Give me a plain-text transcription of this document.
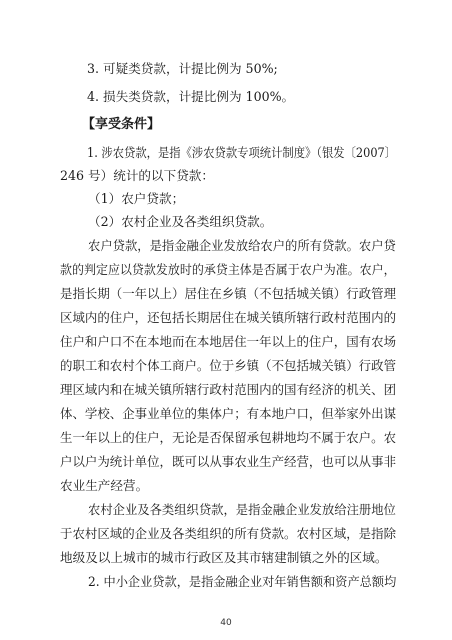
3. 可疑类贷款，计提比例为 50%;
4. 损失类贷款，计提比例为 100%。
【享受条件】
1. 涉农贷款，是指《涉农贷款专项统计制度》（银发〔2007〕
246 号）统计的以下贷款：
（1）农户贷款；
（2）农村企业及各类组织贷款。
农户贷款，是指金融企业发放给农户的所有贷款。农户贷
款的判定应以贷款发放时的承贷主体是否属于农户为准。农户，
是指长期（一年以上）居住在乡镇（不包括城关镇）行政管理
区域内的住户，还包括长期居住在城关镇所辖行政村范围内的
住户和户口不在本地而在本地居住一年以上的住户，国有农场
的职工和农村个体工商户。位于乡镇（不包括城关镇）行政管
理区域内和在城关镇所辖行政村范围内的国有经济的机关、团
体、学校、企事业单位的集体户；有本地户口，但举家外出谋
生一年以上的住户，无论是否保留承包耕地均不属于农户。农
户以户为统计单位，既可以从事农业生产经营，也可以从事非
农业生产经营。
农村企业及各类组织贷款，是指金融企业发放给注册地位
于农村区域的企业及各类组织的所有贷款。农村区域，是指除
地级及以上城市的城市行政区及其市辖建制镇之外的区域。
2. 中小企业贷款，是指金融企业对年销售额和资产总额均
40
